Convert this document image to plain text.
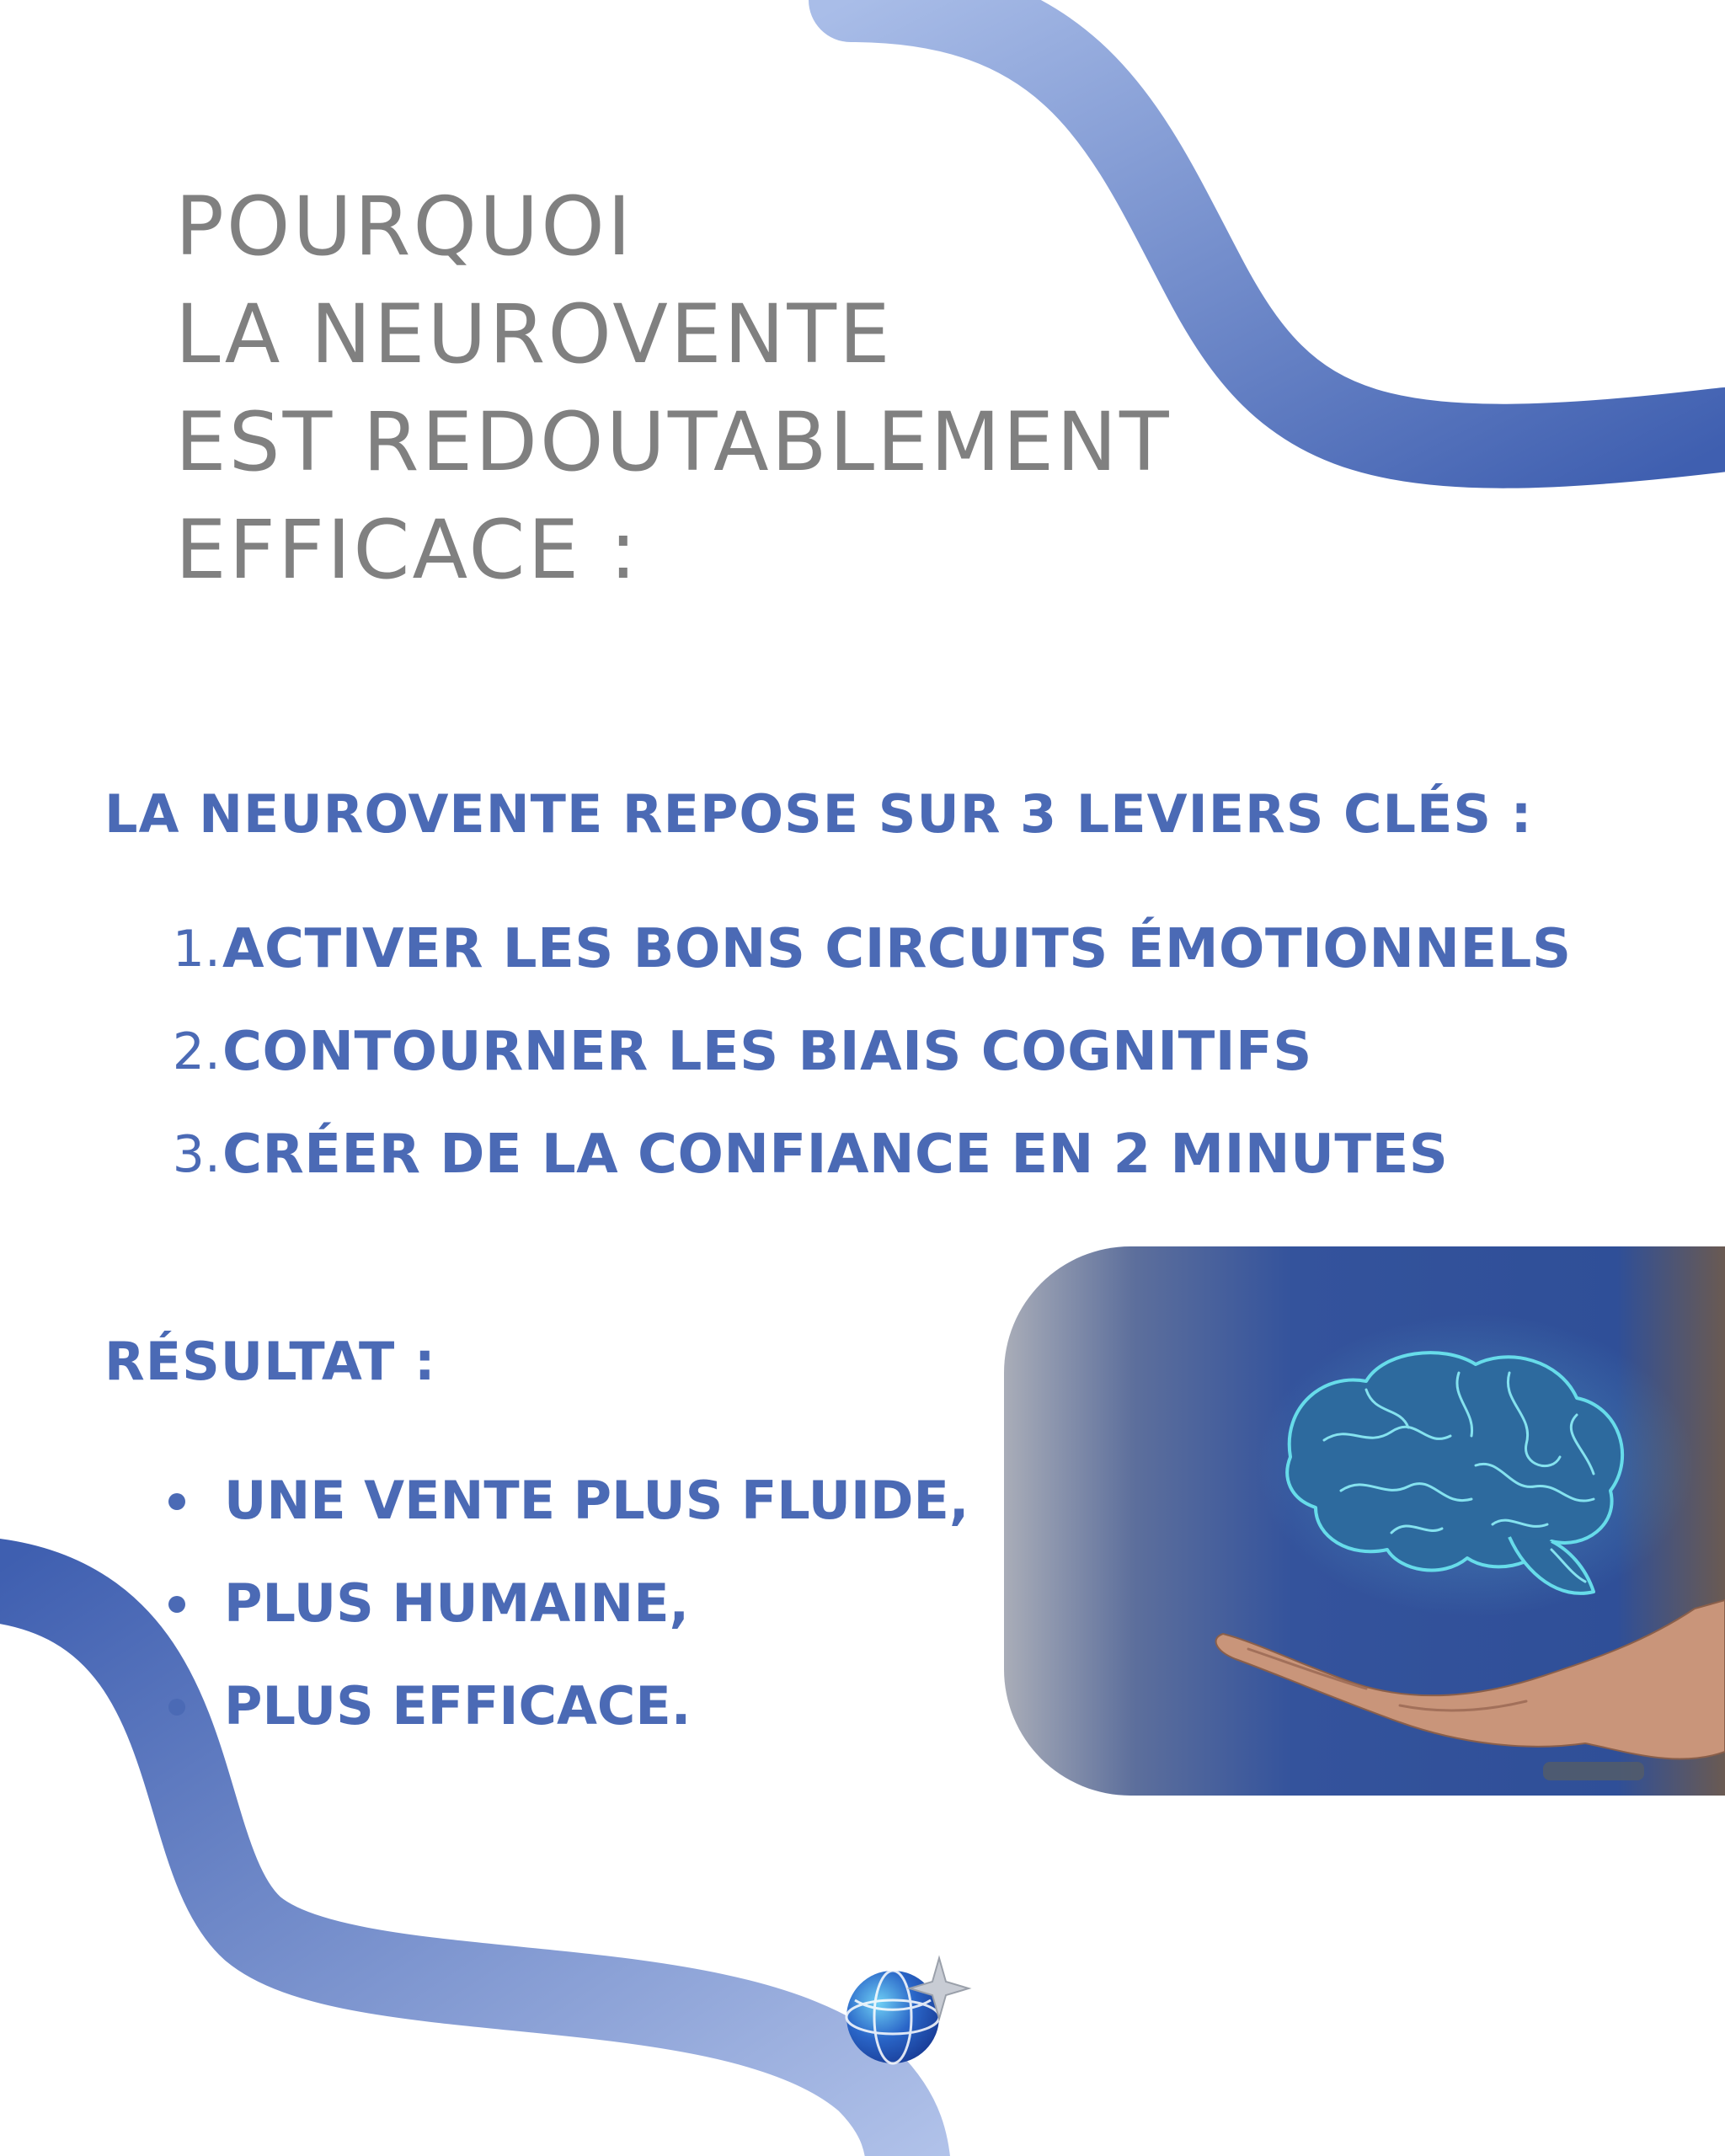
POURQUOI
LA NEUROVENTE
EST REDOUTABLEMENT
EFFICACE :
LA NEUROVENTE REPOSE SUR 3 LEVIERS CLÉS :
1. ACTIVER LES BONS CIRCUITS ÉMOTIONNELS
2. CONTOURNER LES BIAIS COGNITIFS
3. CRÉER DE LA CONFIANCE EN 2 MINUTES
RÉSULTAT :
UNE VENTE PLUS FLUIDE,
PLUS HUMAINE,
PLUS EFFICACE.
